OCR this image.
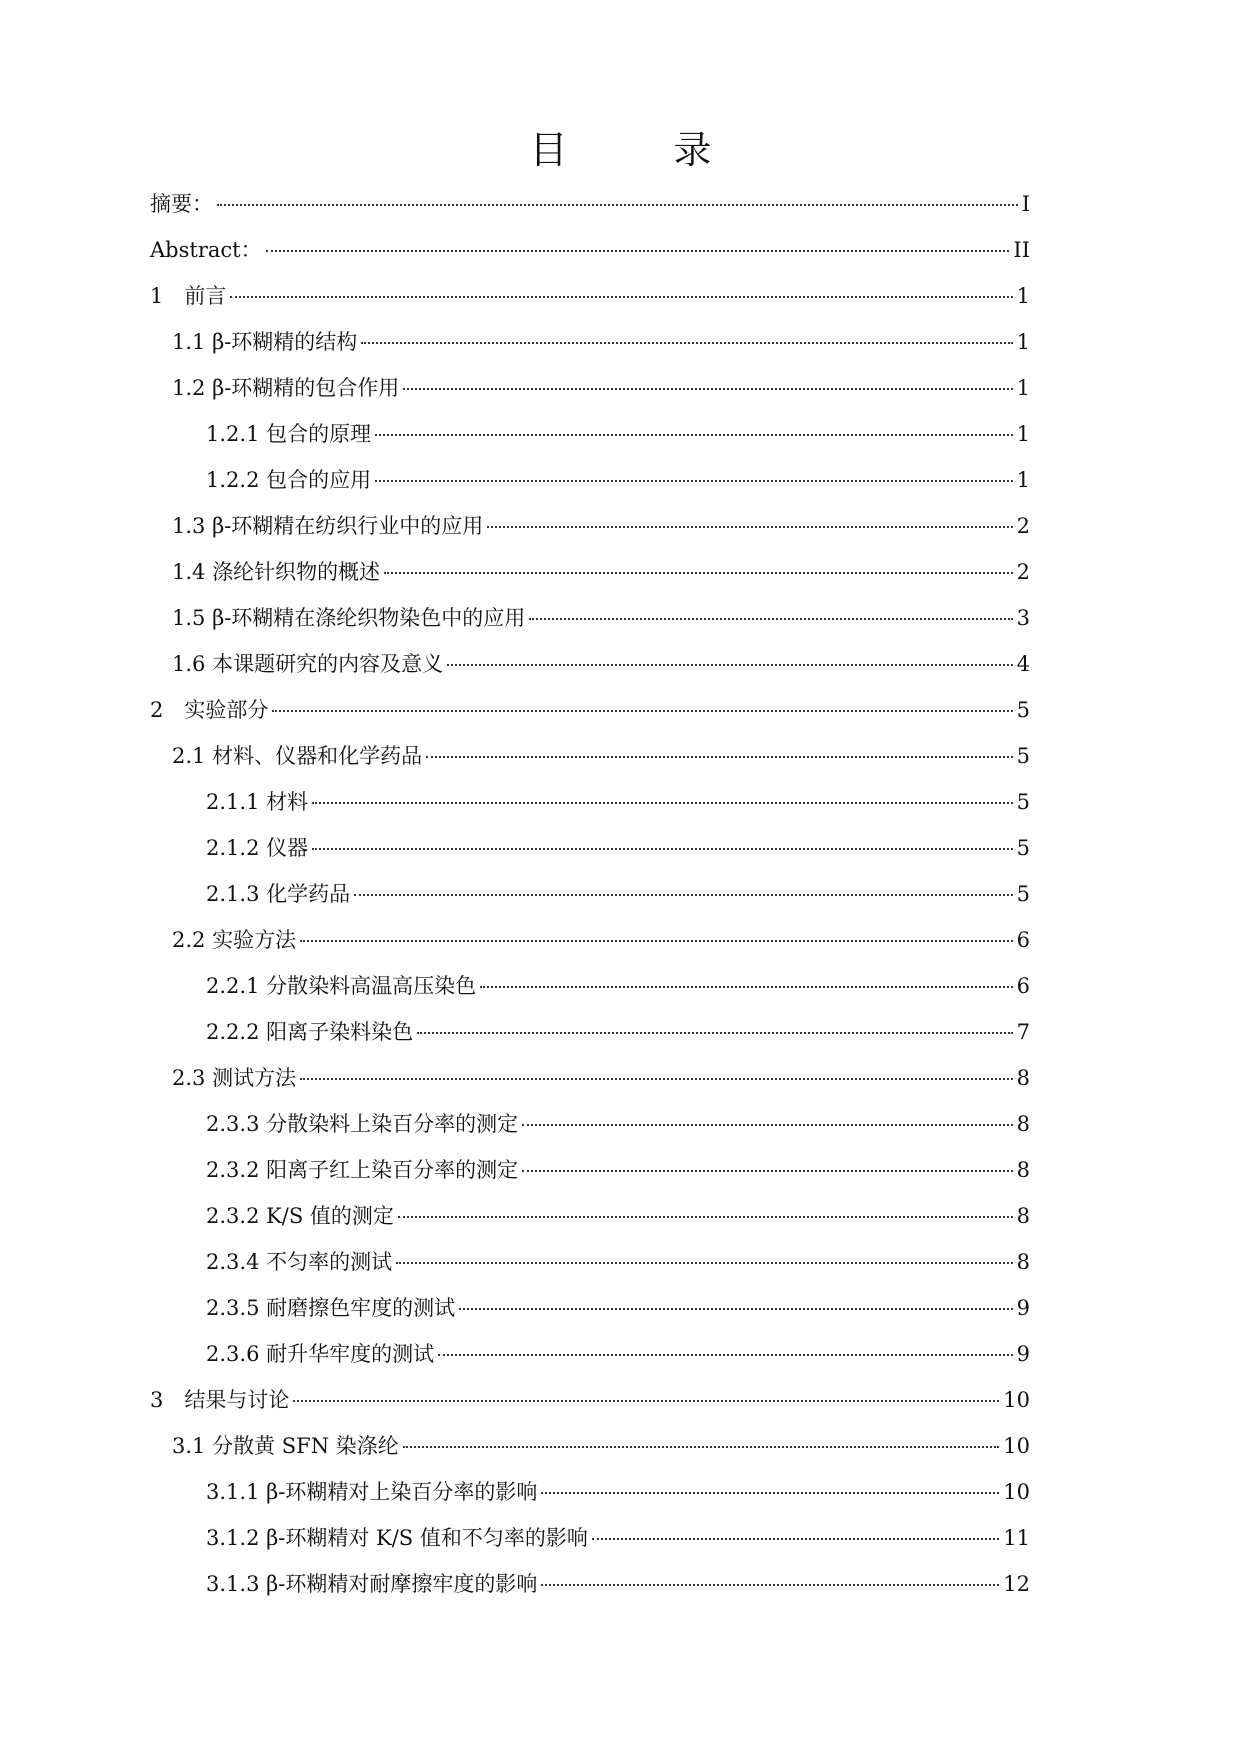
目　录
摘要：	I
Abstract：	II
1　前言	1
1.1 β-环糊精的结构	1
1.2 β-环糊精的包合作用	1
1.2.1 包合的原理	1
1.2.2 包合的应用	1
1.3 β-环糊精在纺织行业中的应用	2
1.4 涤纶针织物的概述	2
1.5 β-环糊精在涤纶织物染色中的应用	3
1.6 本课题研究的内容及意义	4
2　实验部分	5
2.1 材料、仪器和化学药品	5
2.1.1 材料	5
2.1.2 仪器	5
2.1.3 化学药品	5
2.2 实验方法	6
2.2.1 分散染料高温高压染色	6
2.2.2 阳离子染料染色	7
2.3 测试方法	8
2.3.3 分散染料上染百分率的测定	8
2.3.2 阳离子红上染百分率的测定	8
2.3.2 K/S 值的测定	8
2.3.4 不匀率的测试	8
2.3.5 耐磨擦色牢度的测试	9
2.3.6 耐升华牢度的测试	9
3　结果与讨论	10
3.1 分散黄 SFN 染涤纶	10
3.1.1 β-环糊精对上染百分率的影响	10
3.1.2 β-环糊精对 K/S 值和不匀率的影响	11
3.1.3 β-环糊精对耐摩擦牢度的影响	12
